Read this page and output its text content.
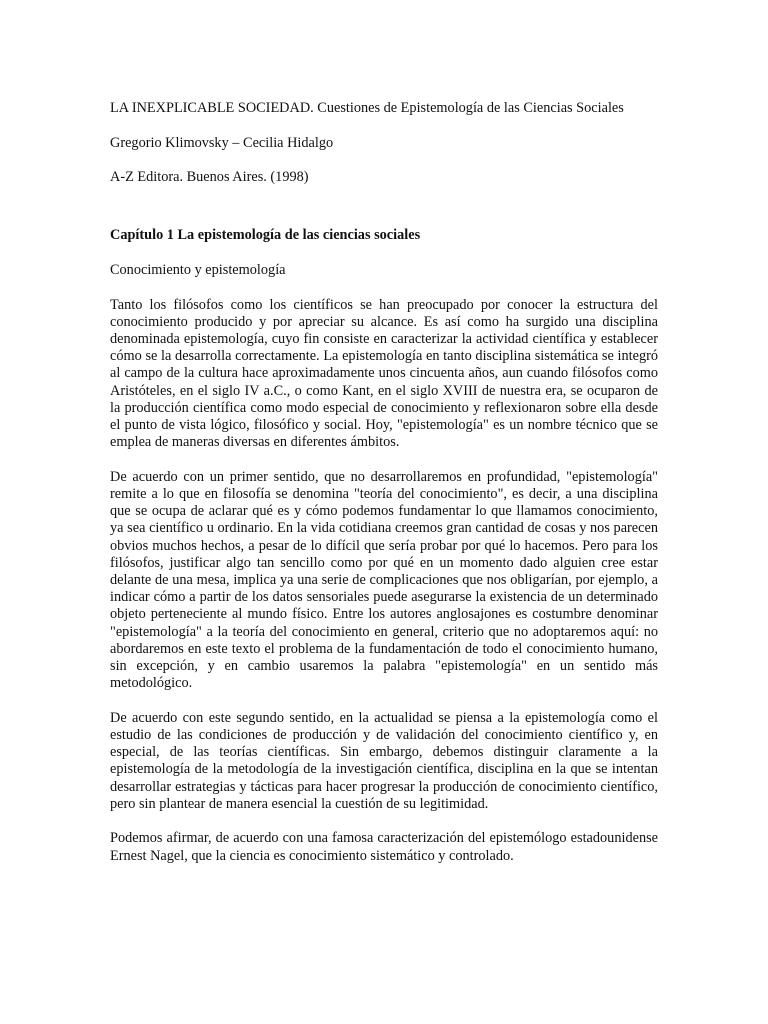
LA INEXPLICABLE SOCIEDAD. Cuestiones de Epistemología de las Ciencias Sociales

Gregorio Klimovsky – Cecilia Hidalgo

A-Z Editora. Buenos Aires. (1998)

Capítulo 1 La epistemología de las ciencias sociales

Conocimiento y epistemología

Tanto los filósofos como los científicos se han preocupado por conocer la estructura del conocimiento producido y por apreciar su alcance. Es así como ha surgido una disciplina denominada epistemología, cuyo fin consiste en caracterizar la actividad científica y establecer cómo se la desarrolla correctamente. La epistemología en tanto disciplina sistemática se integró al campo de la cultura hace aproximadamente unos cincuenta años, aun cuando filósofos como Aristóteles, en el siglo IV a.C., o como Kant, en el siglo XVIII de nuestra era, se ocuparon de la producción científica como modo especial de conocimiento y reflexionaron sobre ella desde el punto de vista lógico, filosófico y social. Hoy, "epistemología" es un nombre técnico que se emplea de maneras diversas en diferentes ámbitos.

De acuerdo con un primer sentido, que no desarrollaremos en profundidad, "epistemología" remite a lo que en filosofía se denomina "teoría del conocimiento", es decir, a una disciplina que se ocupa de aclarar qué es y cómo podemos fundamentar lo que llamamos conocimiento, ya sea científico u ordinario. En la vida cotidiana creemos gran cantidad de cosas y nos parecen obvios muchos hechos, a pesar de lo difícil que sería probar por qué lo hacemos. Pero para los filósofos, justificar algo tan sencillo como por qué en un momento dado alguien cree estar delante de una mesa, implica ya una serie de complicaciones que nos obligarían, por ejemplo, a indicar cómo a partir de los datos sensoriales puede asegurarse la existencia de un determinado objeto perteneciente al mundo físico. Entre los autores anglosajones es costumbre denominar "epistemología" a la teoría del conocimiento en general, criterio que no adoptaremos aquí: no abordaremos en este texto el problema de la fundamentación de todo el conocimiento humano, sin excepción, y en cambio usaremos la palabra "epistemología" en un sentido más metodológico.

De acuerdo con este segundo sentido, en la actualidad se piensa a la epistemología como el estudio de las condiciones de producción y de validación del conocimiento científico y, en especial, de las teorías científicas. Sin embargo, debemos distinguir claramente a la epistemología de la metodología de la investigación científica, disciplina en la que se intentan desarrollar estrategias y tácticas para hacer progresar la producción de conocimiento científico, pero sin plantear de manera esencial la cuestión de su legitimidad.

Podemos afirmar, de acuerdo con una famosa caracterización del epistemólogo estadounidense Ernest Nagel, que la ciencia es conocimiento sistemático y controlado.
